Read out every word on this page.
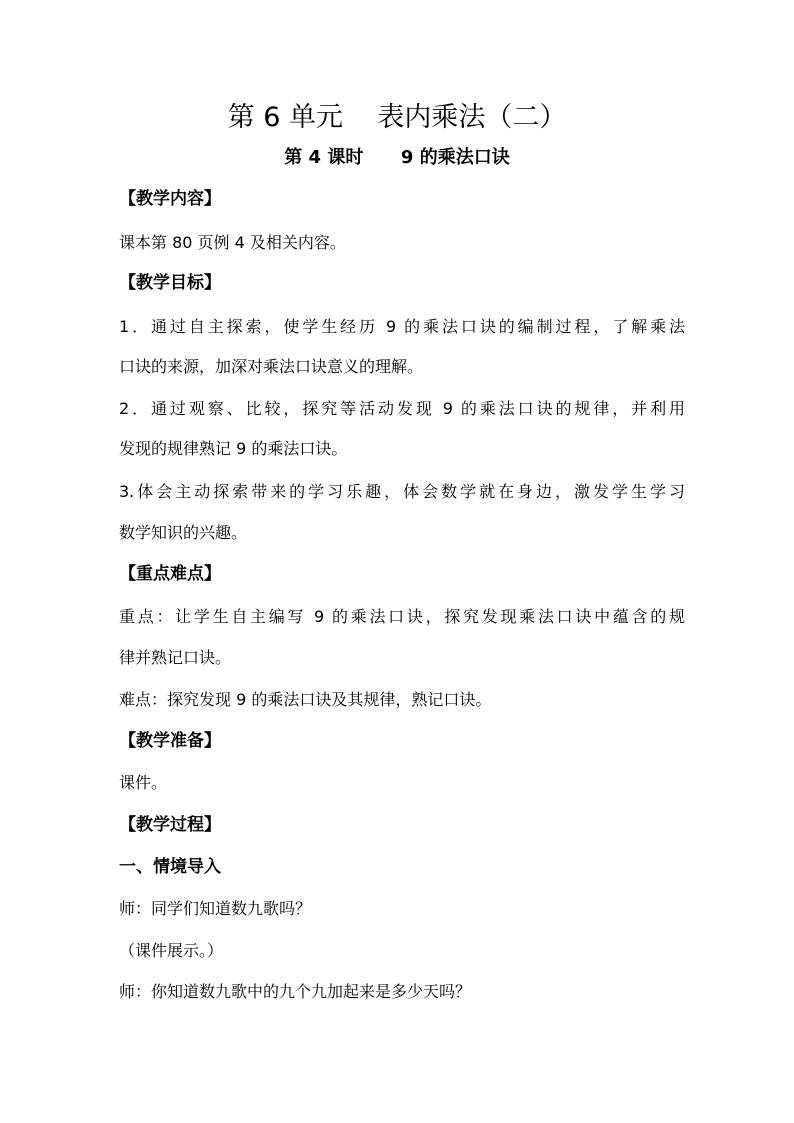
第 6 单元    表内乘法（二）
第 4 课时      9 的乘法口诀
【教学内容】
课本第 80 页例 4 及相关内容。
【教学目标】
1．通过自主探索，使学生经历 9 的乘法口诀的编制过程，了解乘法
口诀的来源，加深对乘法口诀意义的理解。
2．通过观察、比较，探究等活动发现 9 的乘法口诀的规律，并利用
发现的规律熟记 9 的乘法口诀。
3.体会主动探索带来的学习乐趣，体会数学就在身边，激发学生学习
数学知识的兴趣。
【重点难点】
重点：让学生自主编写 9 的乘法口诀，探究发现乘法口诀中蕴含的规
律并熟记口诀。
难点：探究发现 9 的乘法口诀及其规律，熟记口诀。
【教学准备】
课件。
【教学过程】
一、情境导入
师：同学们知道数九歌吗？
（课件展示。）
师：你知道数九歌中的九个九加起来是多少天吗？
